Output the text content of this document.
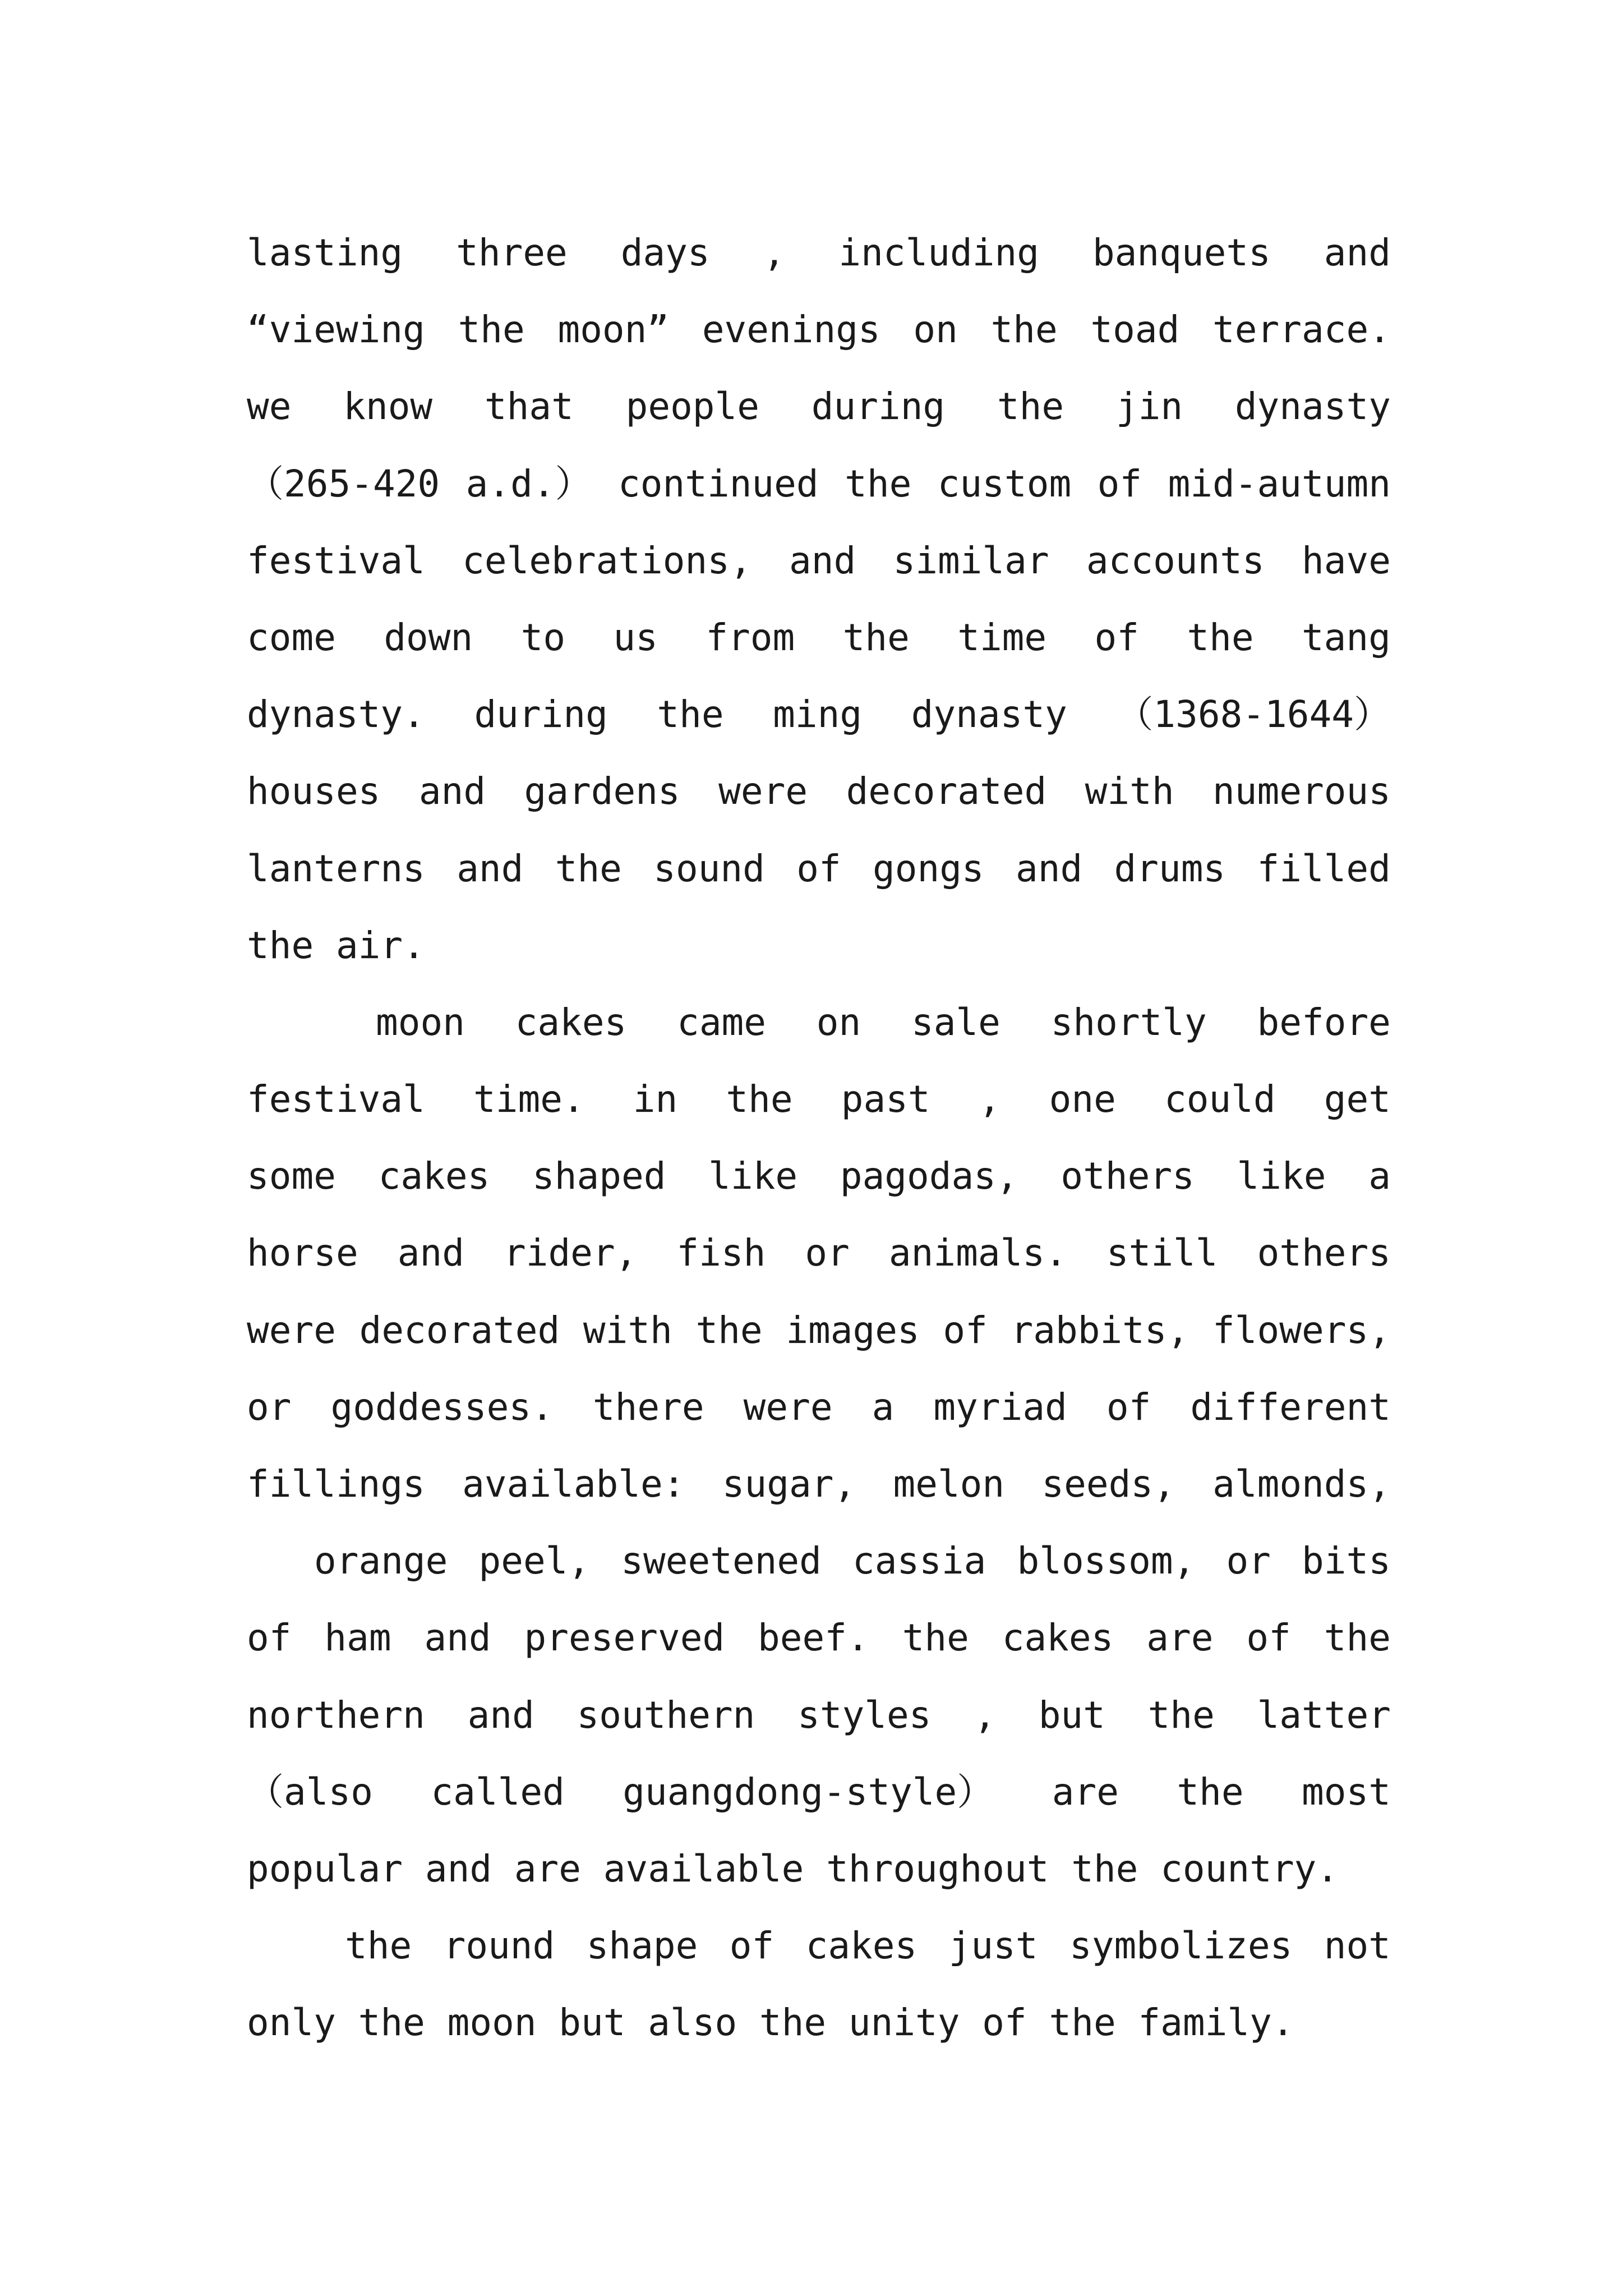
lasting three days , including banquets and
“viewing the moon” evenings on the toad terrace.
we know that people during the jin dynasty
（265-420 a.d.） continued the custom of mid-autumn
festival celebrations, and similar accounts have
come down to us from the time of the tang
dynasty. during the ming dynasty （1368-1644）
houses and gardens were decorated with numerous
lanterns and the sound of gongs and drums filled
the air.
moon cakes came on sale shortly before
festival time. in the past , one could get
some cakes shaped like pagodas, others like a
horse and rider, fish or animals. still others
were decorated with the images of rabbits, flowers,
or goddesses. there were a myriad of different
fillings available: sugar, melon seeds, almonds,
orange peel, sweetened cassia blossom, or bits
of ham and preserved beef. the cakes are of the
northern and southern styles , but the latter
（also called guangdong-style） are the most
popular and are available throughout the country.
the round shape of cakes just symbolizes not
only the moon but also the unity of the family.
